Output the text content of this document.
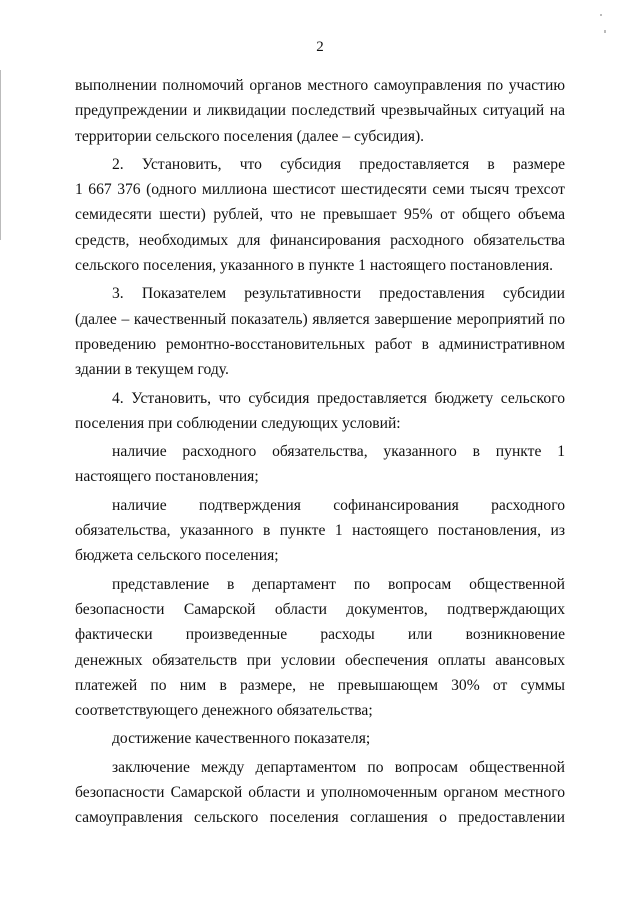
2
выполнении полномочий органов местного самоуправления по участию
предупреждении и ликвидации последствий чрезвычайных ситуаций на
территории сельского поселения (далее – субсидия).
2. Установить, что субсидия предоставляется в размере
1 667 376 (одного миллиона шестисот шестидесяти семи тысяч трехсот
семидесяти шести) рублей, что не превышает 95% от общего объема
средств, необходимых для финансирования расходного обязательства
сельского поселения, указанного в пункте 1 настоящего постановления.
3. Показателем результативности предоставления субсидии
(далее – качественный показатель) является завершение мероприятий по
проведению ремонтно-восстановительных работ в административном
здании в текущем году.
4. Установить, что субсидия предоставляется бюджету сельского
поселения при соблюдении следующих условий:
наличие расходного обязательства, указанного в пункте 1
настоящего постановления;
наличие подтверждения софинансирования расходного
обязательства, указанного в пункте 1 настоящего постановления, из
бюджета сельского поселения;
представление в департамент по вопросам общественной
безопасности Самарской области документов, подтверждающих
фактически произведенные расходы или возникновение
денежных обязательств при условии обеспечения оплаты авансовых
платежей по ним в размере, не превышающем 30% от суммы
соответствующего денежного обязательства;
достижение качественного показателя;
заключение между департаментом по вопросам общественной
безопасности Самарской области и уполномоченным органом местного
самоуправления сельского поселения соглашения о предоставлении
